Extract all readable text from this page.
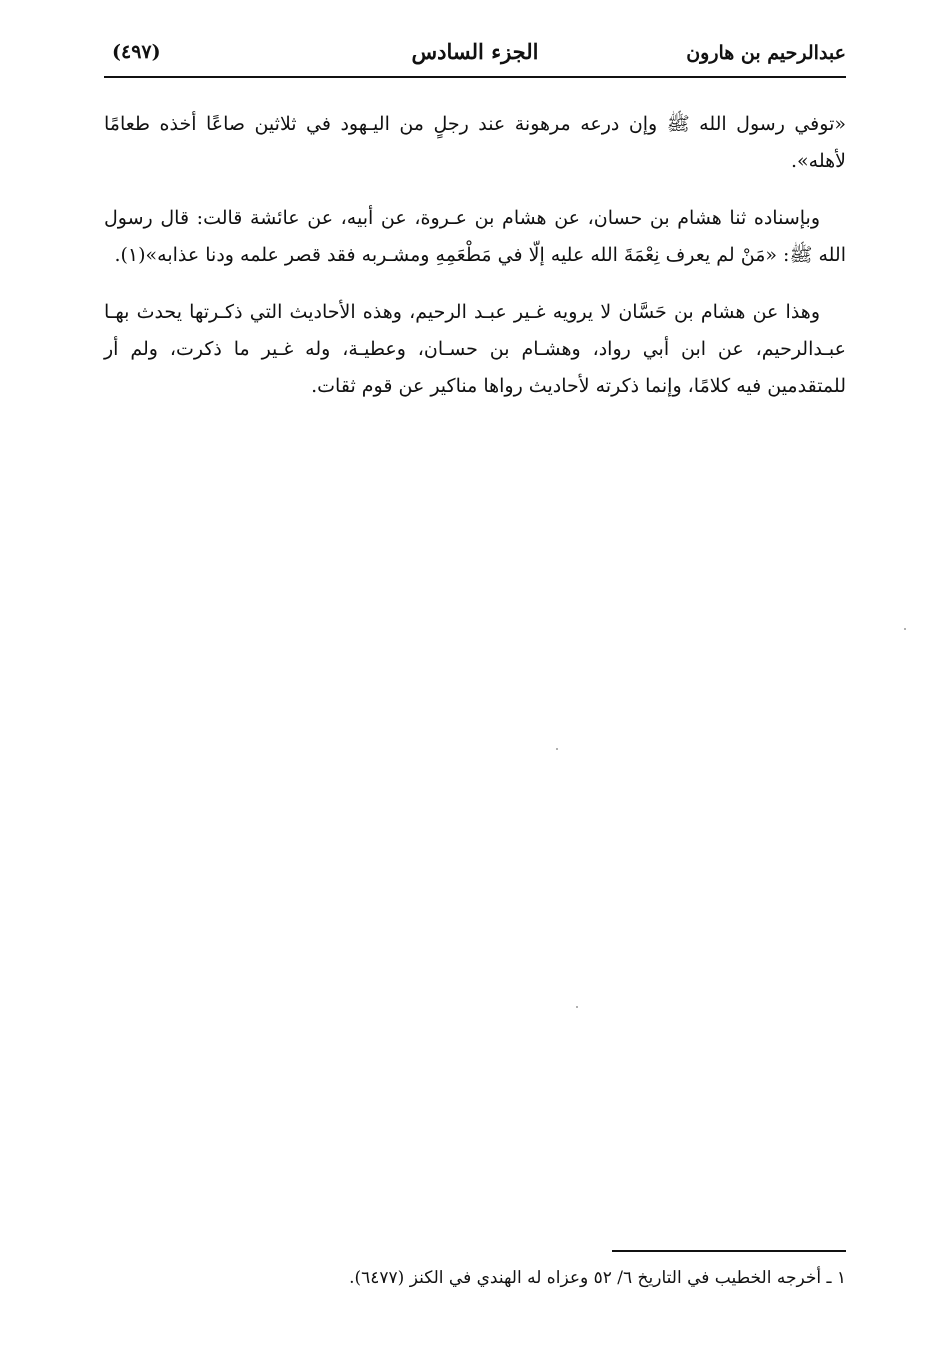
عبدالرحيم بن هارون
الجزء السادس
(٤٩٧)

«توفي رسول الله ﷺ وإن درعه مرهونة عند رجلٍ من اليـهود في ثلاثين صاعًا أخذه طعامًا لأهله».

وبإسناده ثنا هشام بن حسان، عن هشام بن عـروة، عن أبيه، عن عائشة قالت: قال رسول الله ﷺ: «مَنْ لم يعرف نِعْمَةَ الله عليه إلّا في مَطْعَمِهِ ومشـربه فقد قصر علمه ودنا عذابه»(١).

وهذا عن هشام بن حَسَّان لا يرويه غـير عبـد الرحيم، وهذه الأحاديث التي ذكـرتها يحدث بهـا عبـدالرحيم، عن ابن أبي رواد، وهشـام بن حسـان، وعطيـة، وله غـير ما ذكرت، ولم أر للمتقدمين فيه كلامًا، وإنما ذكرته لأحاديث رواها مناكير عن قوم ثقات.

١ ـ أخرجه الخطيب في التاريخ ٦/ ٥٢ وعزاه له الهندي في الكنز (٦٤٧٧).
